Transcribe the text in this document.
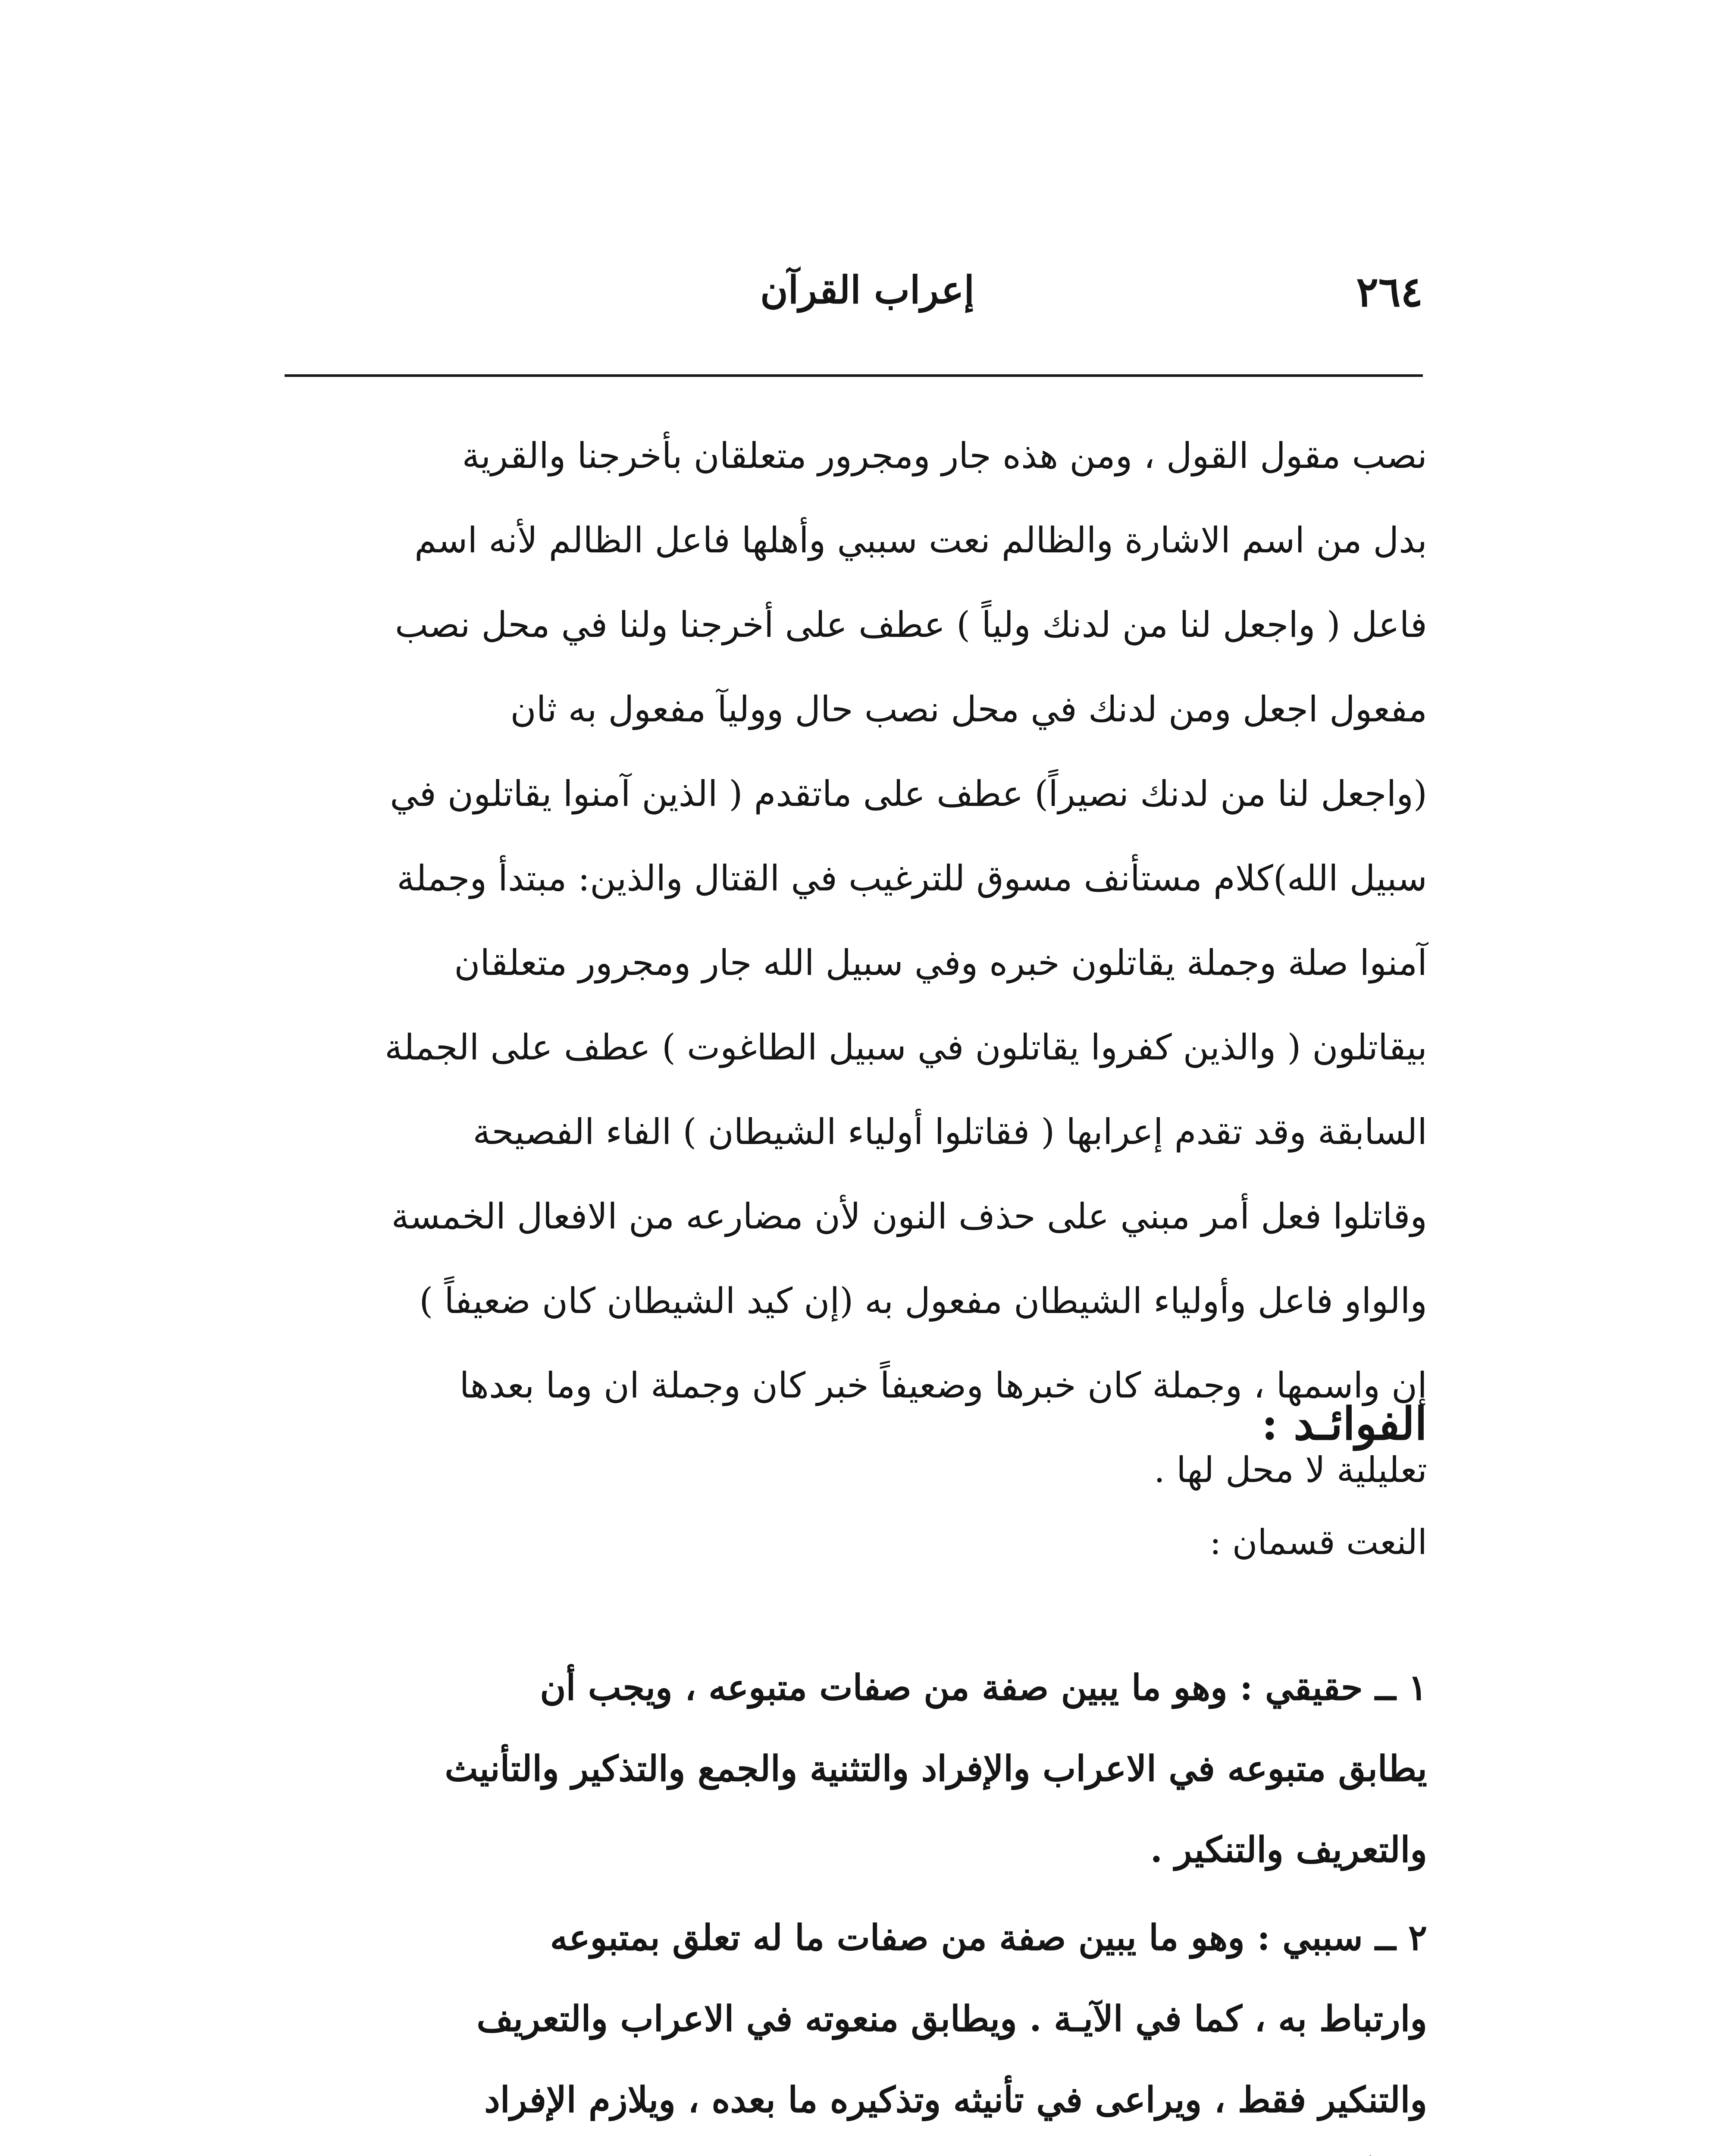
٢٦٤
إعراب القرآن

نصب مقول القول ، ومن هذه جار ومجرور متعلقان بأخرجنا والقرية

بدل من اسم الاشارة والظالم نعت سببي وأهلها فاعل الظالم لأنه اسم

فاعل ( واجعل لنا من لدنك ولياً ) عطف على أخرجنا ولنا في محل نصب

مفعول اجعل ومن لدنك في محل نصب حال ووليآ مفعول به ثان

(واجعل لنا من لدنك نصيراً) عطف على ماتقدم ( الذين آمنوا يقاتلون في

سبيل الله)كلام مستأنف مسوق للترغيب في القتال والذين: مبتدأ وجملة

آمنوا صلة وجملة يقاتلون خبره وفي سبيل الله جار ومجرور متعلقان

بيقاتلون ( والذين كفروا يقاتلون في سبيل الطاغوت ) عطف على الجملة

السابقة وقد تقدم إعرابها ( فقاتلوا أولياء الشيطان ) الفاء الفصيحة

وقاتلوا فعل أمر مبني على حذف النون لأن مضارعه من الافعال الخمسة

والواو فاعل وأولياء الشيطان مفعول به (إن كيد الشيطان كان ضعيفاً )

إن واسمها ، وجملة كان خبرها وضعيفاً خبر كان وجملة ان وما بعدها

تعليلية لا محل لها .

الفوائـد :
النعت قسمان :

١ ــ حقيقي : وهو ما يبين صفة من صفات متبوعه ، ويجب أن

يطابق متبوعه في الاعراب والإفراد والتثنية والجمع والتذكير والتأنيث

والتعريف والتنكير .

٢ ــ سببي : وهو ما يبين صفة من صفات ما له تعلق بمتبوعه

وارتباط به ، كما في الآيـة . ويطابق منعوته في الاعراب والتعريف

والتنكير فقط ، ويراعى في تأنيثه وتذكيره ما بعده ، ويلازم الإفراد
